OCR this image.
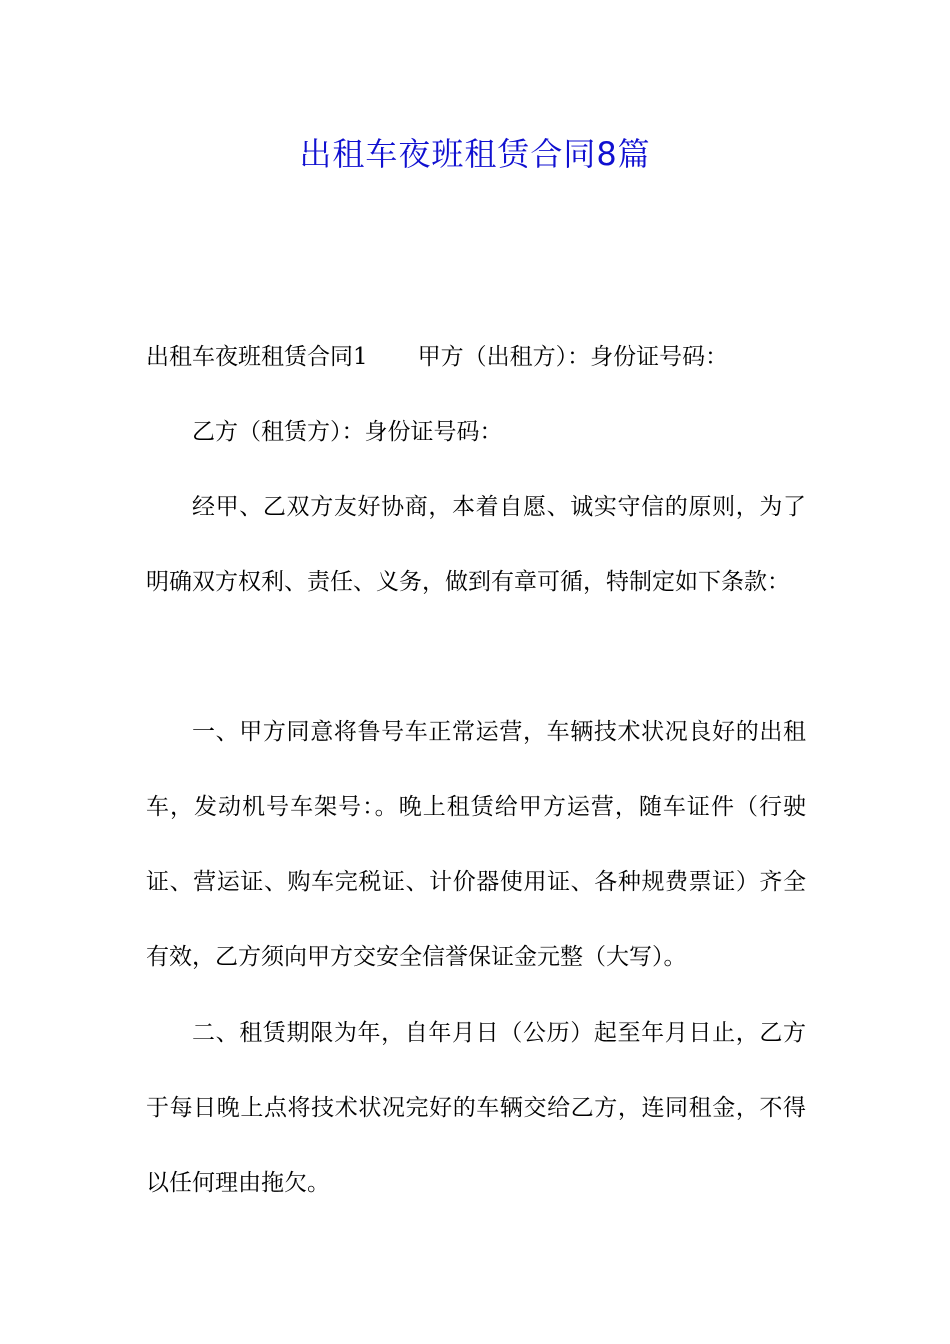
出租车夜班租赁合同8篇

出租车夜班租赁合同1 甲方（出租方）：身份证号码：

乙方（租赁方）：身份证号码：

经甲、乙双方友好协商，本着自愿、诚实守信的原则，为了明确双方权利、责任、义务，做到有章可循，特制定如下条款：

一、甲方同意将鲁号车正常运营，车辆技术状况良好的出租车，发动机号车架号：。晚上租赁给甲方运营，随车证件（行驶证、营运证、购车完税证、计价器使用证、各种规费票证）齐全有效，乙方须向甲方交安全信誉保证金元整（大写）。

二、租赁期限为年，自年月日（公历）起至年月日止，乙方于每日晚上点将技术状况完好的车辆交给乙方，连同租金，不得以任何理由拖欠。
